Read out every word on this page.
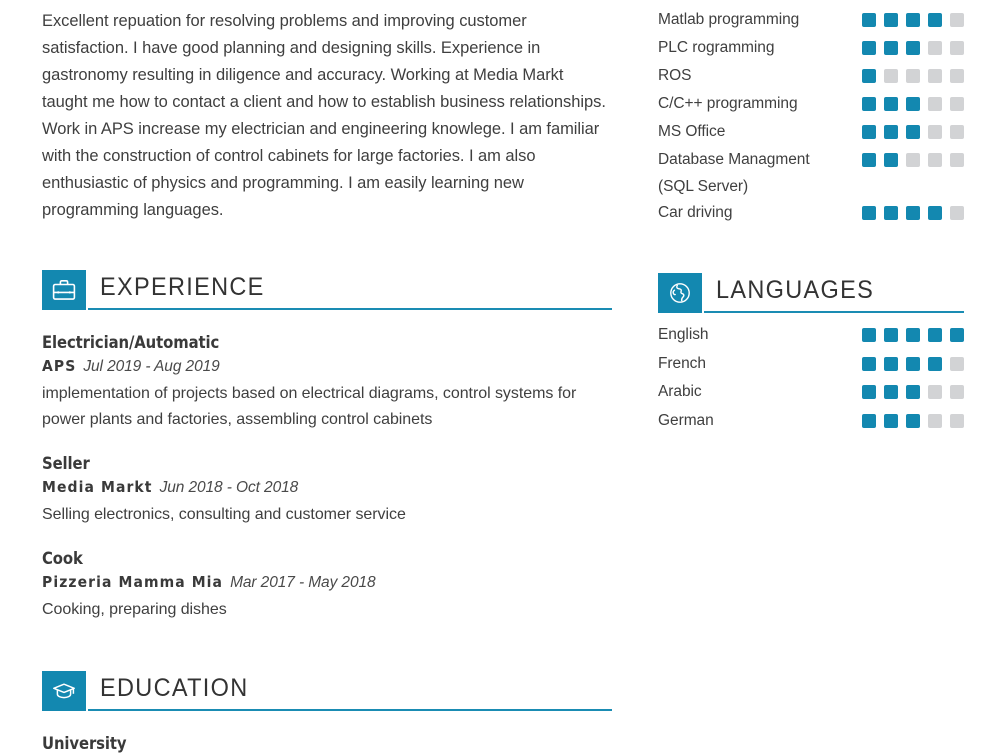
Excellent repuation for resolving problems and improving customer satisfaction. I have good planning and designing skills. Experience in gastronomy resulting in diligence and accuracy. Working at Media Markt taught me how to contact a client and how to establish business relationships. Work in APS increase my electrician and engineering knowlege. I am familiar with the construction of control cabinets for large factories. I am also enthusiastic of physics and programming. I am easily learning new programming languages.

EXPERIENCE
Electrician/Automatic
APS Jul 2019 - Aug 2019
implementation of projects based on electrical diagrams, control systems for power plants and factories, assembling control cabinets
Seller
Media Markt Jun 2018 - Oct 2018
Selling electronics, consulting and customer service
Cook
Pizzeria Mamma Mia Mar 2017 - May 2018
Cooking, preparing dishes
EDUCATION
University
Matlab programming
PLC rogramming
ROS
C/C++ programming
MS Office
Database Managment
(SQL Server)
Car driving
LANGUAGES
English
French
Arabic
German
